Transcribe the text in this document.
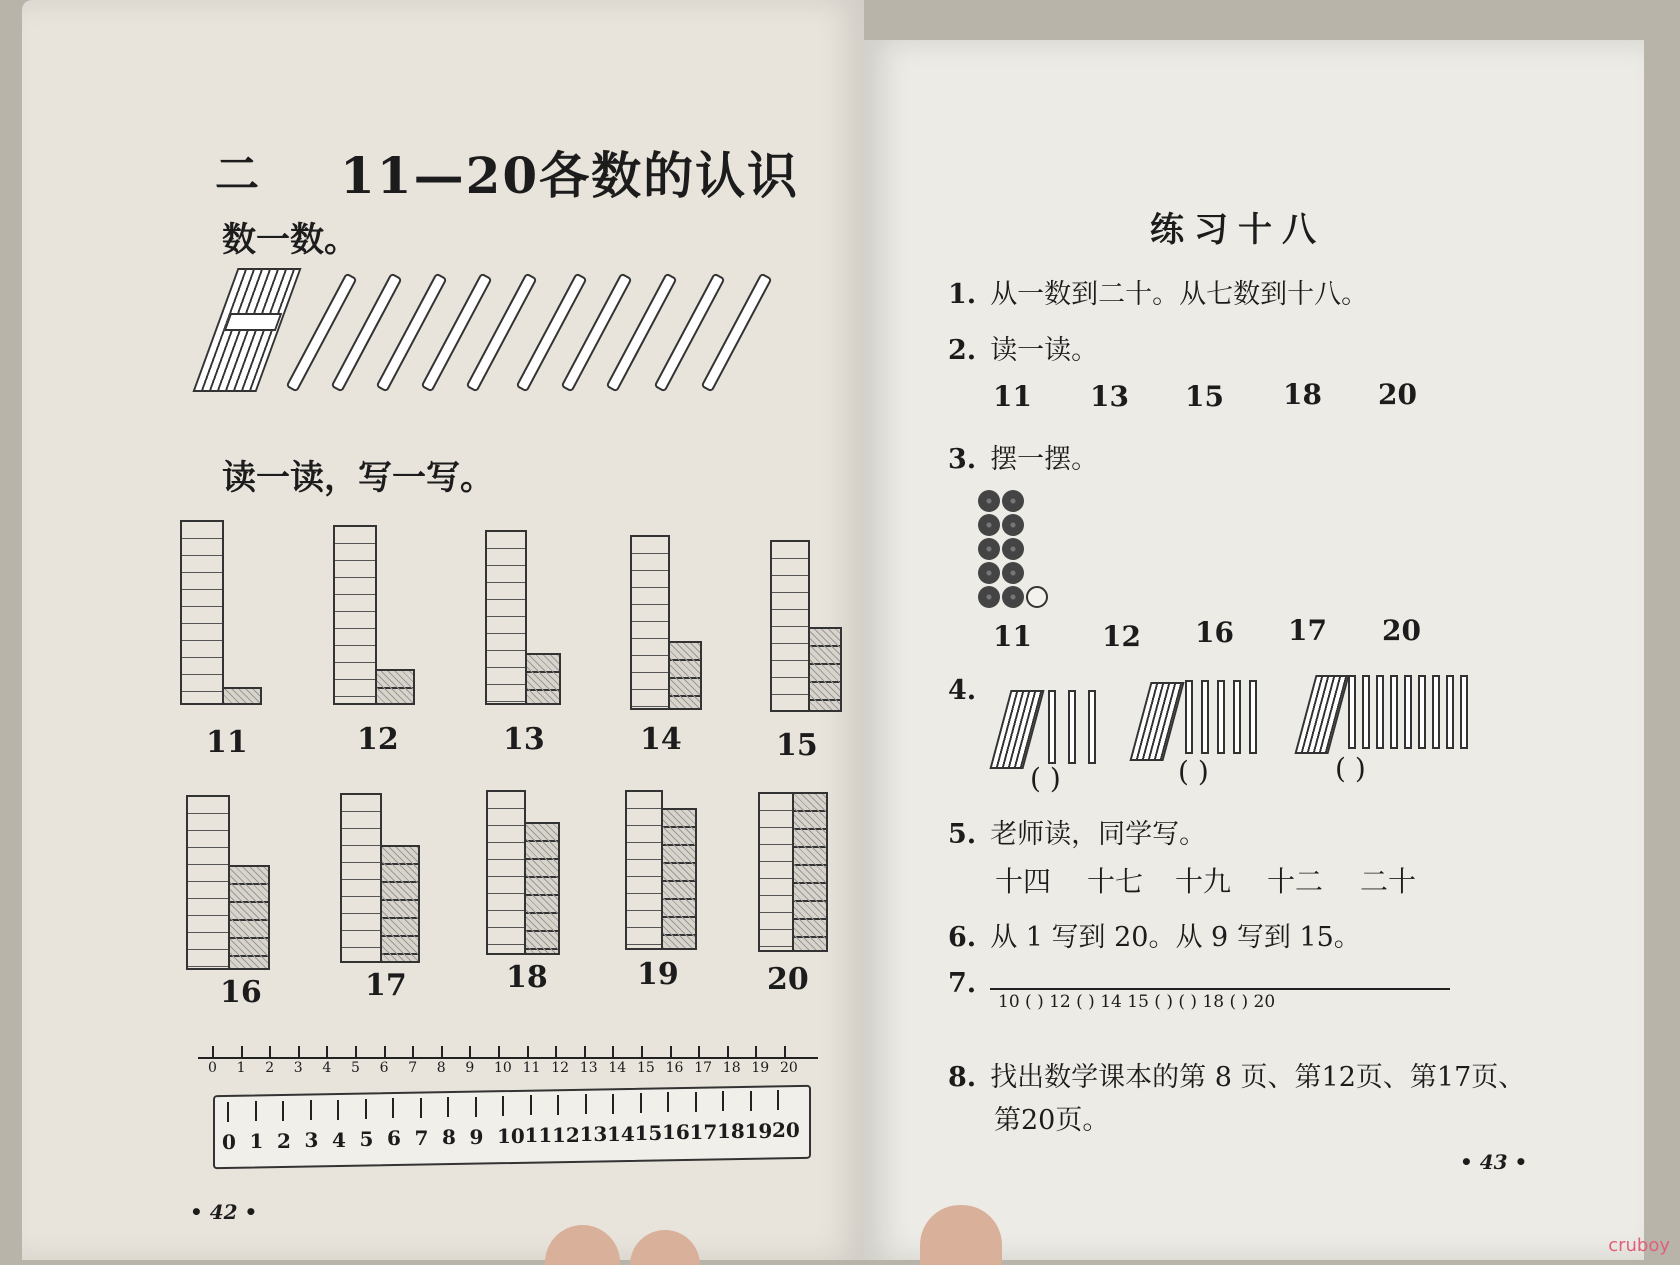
二 11—20各数的认识
数一数。
读一读，写一写。
11	12	13	14	15
16	17	18	19	20
0 1 2 3 4 5 6 7 8 9 10 11 12 13 14 15 16 17 18 19 20
0 1 2 3 4 5 6 7 8 9 10 11 12 13 14 15 16 17 18 19 20
• 42 •
练习十八
1. 从一数到二十。从七数到十八。
2. 读一读。
11 13 15 18 20
3. 摆一摆。
11	12 16 17 20
4.
( )	( )	( )
5. 老师读，同学写。
十四 十七 十九 十二 二十
6. 从 1 写到 20。从 9 写到 15。
7.
10 ( ) 12 ( ) 14 15 ( ) ( ) 18 ( ) 20
8. 找出数学课本的第 8 页、第12页、第17页、
第20页。
• 43 •
cruboy
